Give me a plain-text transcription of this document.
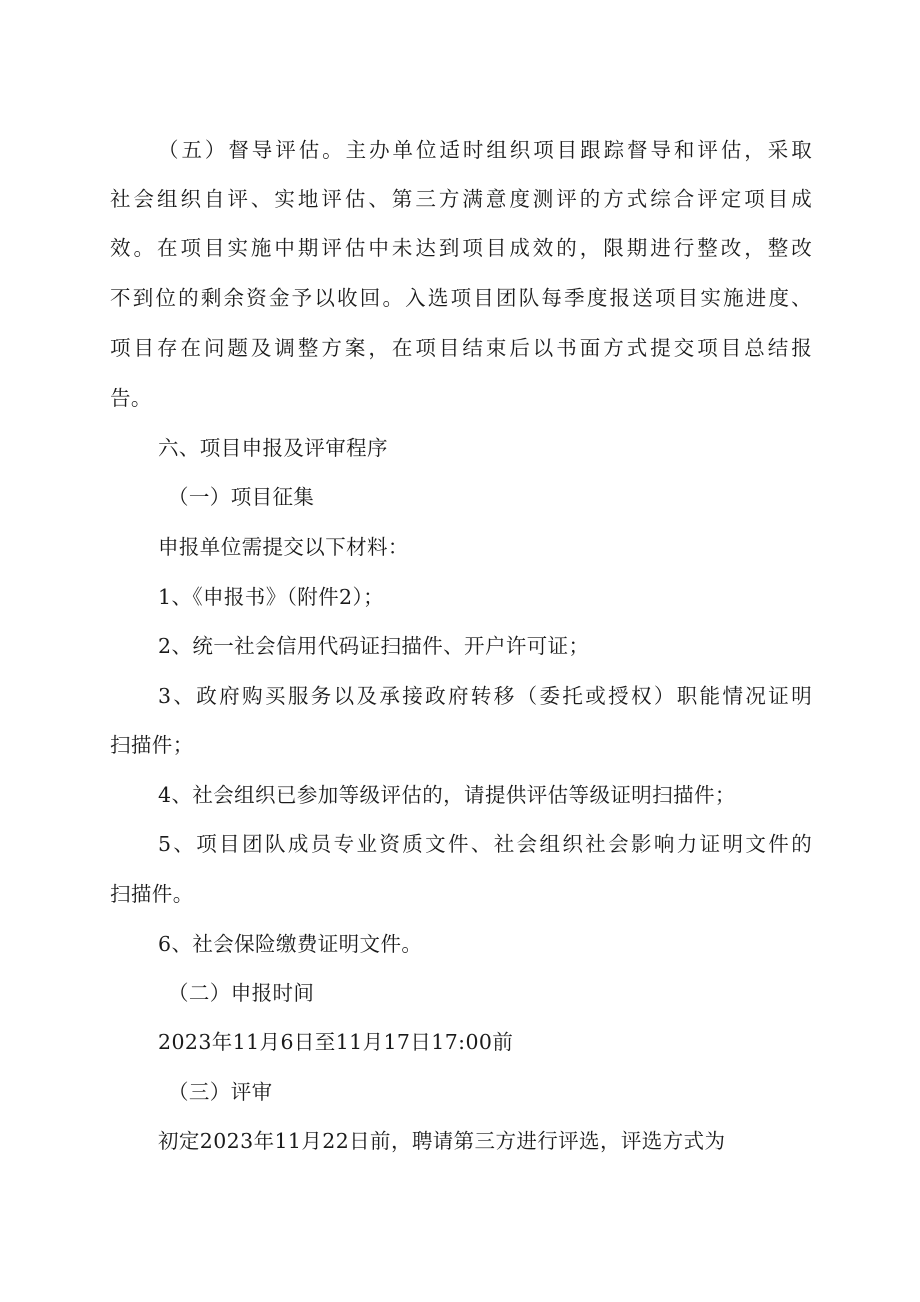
（五）督导评估。主办单位适时组织项目跟踪督导和评估，采取
社会组织自评、实地评估、第三方满意度测评的方式综合评定项目成
效。在项目实施中期评估中未达到项目成效的，限期进行整改，整改
不到位的剩余资金予以收回。入选项目团队每季度报送项目实施进度、
项目存在问题及调整方案，在项目结束后以书面方式提交项目总结报
告。
六、项目申报及评审程序
（一）项目征集
申报单位需提交以下材料：
1、《申报书》（附件2）；
2、统一社会信用代码证扫描件、开户许可证；
3、政府购买服务以及承接政府转移（委托或授权）职能情况证明
扫描件；
4、社会组织已参加等级评估的，请提供评估等级证明扫描件；
5、项目团队成员专业资质文件、社会组织社会影响力证明文件的
扫描件。
6、社会保险缴费证明文件。
（二）申报时间
2023年11月6日至11月17日17:00前
（三）评审
初定2023年11月22日前，聘请第三方进行评选，评选方式为
